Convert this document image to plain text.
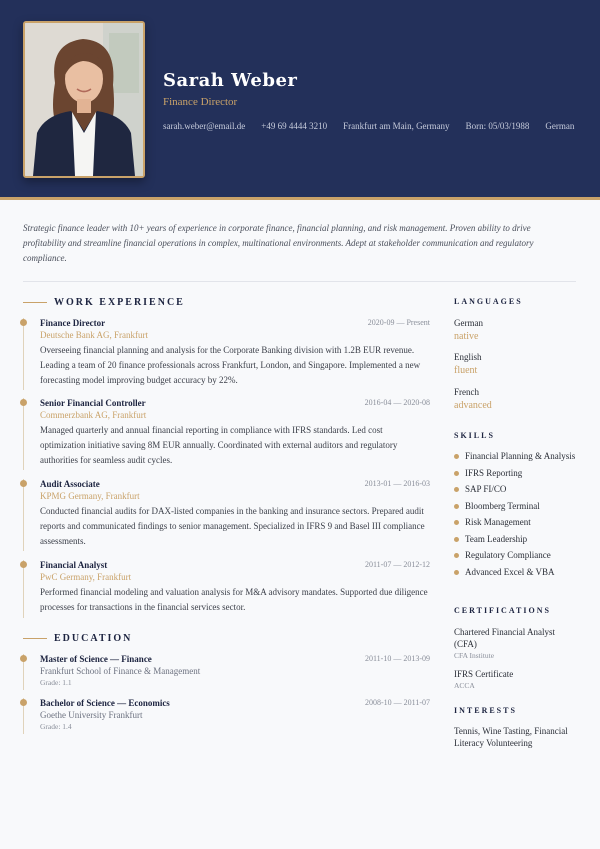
Sarah Weber
Finance Director
sarah.weber@email.de +49 69 4444 3210 Frankfurt am Main, Germany Born: 05/03/1988 German
Strategic finance leader with 10+ years of experience in corporate finance, financial planning, and risk management. Proven ability to drive profitability and streamline financial operations in complex, multinational environments. Adept at stakeholder communication and regulatory compliance.
WORK EXPERIENCE
Finance Director	2020-09 — Present
Deutsche Bank AG, Frankfurt
Overseeing financial planning and analysis for the Corporate Banking division with 1.2B EUR revenue. Leading a team of 20 finance professionals across Frankfurt, London, and Singapore. Implemented a new forecasting model improving budget accuracy by 22%.
Senior Financial Controller	2016-04 — 2020-08
Commerzbank AG, Frankfurt
Managed quarterly and annual financial reporting in compliance with IFRS standards. Led cost optimization initiative saving 8M EUR annually. Coordinated with external auditors and regulatory authorities for seamless audit cycles.
Audit Associate	2013-01 — 2016-03
KPMG Germany, Frankfurt
Conducted financial audits for DAX-listed companies in the banking and insurance sectors. Prepared audit reports and communicated findings to senior management. Specialized in IFRS 9 and Basel III compliance assessments.
Financial Analyst	2011-07 — 2012-12
PwC Germany, Frankfurt
Performed financial modeling and valuation analysis for M&A advisory mandates. Supported due diligence processes for transactions in the financial services sector.
EDUCATION
Master of Science — Finance	2011-10 — 2013-09
Frankfurt School of Finance & Management
Grade: 1.1
Bachelor of Science — Economics	2008-10 — 2011-07
Goethe University Frankfurt
Grade: 1.4
LANGUAGES
German
native
English
fluent
French
advanced
SKILLS
Financial Planning & Analysis
IFRS Reporting
SAP FI/CO
Bloomberg Terminal
Risk Management
Team Leadership
Regulatory Compliance
Advanced Excel & VBA
CERTIFICATIONS
Chartered Financial Analyst (CFA)
CFA Institute
IFRS Certificate
ACCA
INTERESTS
Tennis, Wine Tasting, Financial Literacy Volunteering
